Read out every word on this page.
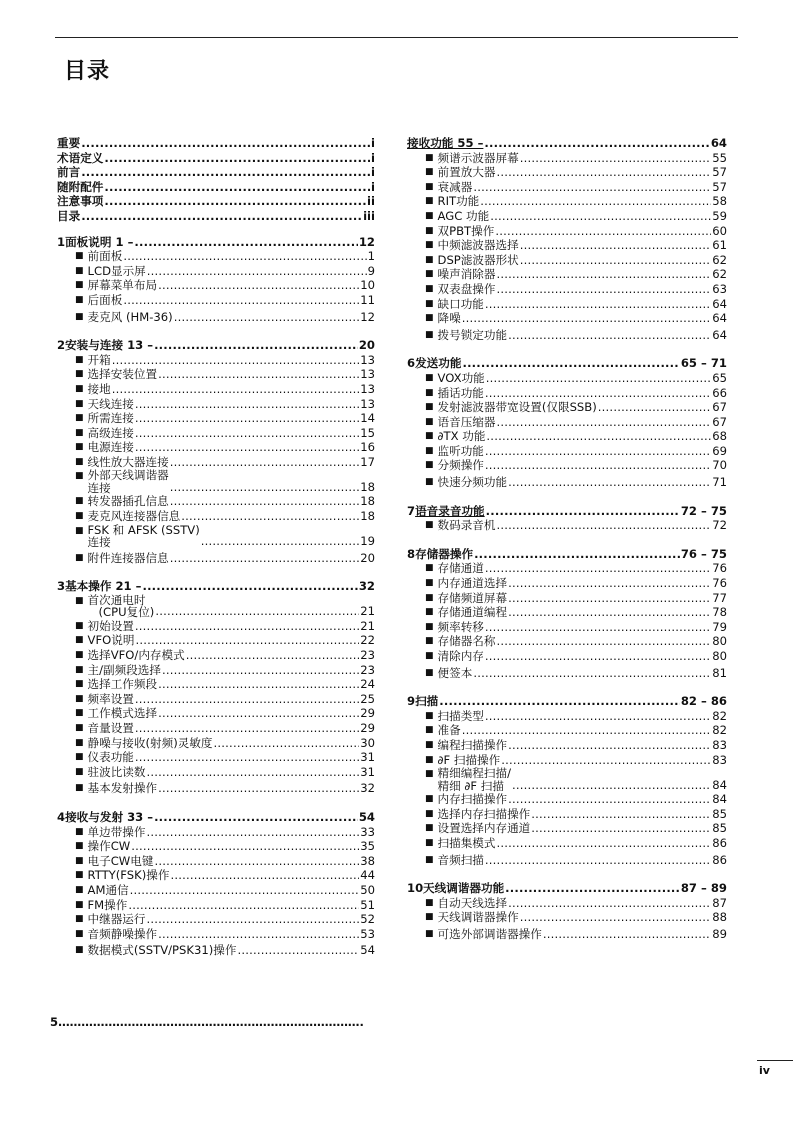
目录
重要 .....	i
术语定义 .....	i
前言 .....	i
随附配件 .....	i
注意事项 .....	ii
目录 .....	iii
1 面板说明 1 – .....	12
■ 前面板 .....	1
■ LCD显示屏 .....	9
■ 屏幕菜单布局 .....	10
■ 后面板 .....	11
■ 麦克风 (HM-36) .....	12
2 安装与连接 13 – .....	20
■ 开箱 .....	13
■ 选择安装位置 .....	13
■ 接地 .....	13
■ 天线连接 .....	13
■ 所需连接 .....	14
■ 高级连接 .....	15
■ 电源连接 .....	16
■ 线性放大器连接 .....	17
■ 外部天线调谐器
连接 .....	18
■ 转发器插孔信息 .....	18
■ 麦克风连接器信息 .....	18
■ FSK 和 AFSK (SSTV)
连接 .....	19
■ 附件连接器信息 .....	20
3 基本操作 21 – .....	32
■ 首次通电时
(CPU复位) .....	21
■ 初始设置 .....	21
■ VFO说明 .....	22
■ 选择VFO/内存模式 .....	23
■ 主/副频段选择 .....	23
■ 选择工作频段 .....	24
■ 频率设置 .....	25
■ 工作模式选择 .....	29
■ 音量设置 .....	29
■ 静噪与接收(射频)灵敏度 .....	30
■ 仪表功能 .....	31
■ 驻波比读数 .....	31
■ 基本发射操作 .....	32
4 接收与发射 33 – .....	54
■ 单边带操作 .....	33
■ 操作CW .....	35
■ 电子CW电键 .....	38
■ RTTY(FSK)操作 .....	44
■ AM通信 .....	50
■ FM操作 .....	51
■ 中继器运行 .....	52
■ 音频静噪操作 .....	53
■ 数据模式(SSTV/PSK31)操作 .....	54
5…………………………………………………………………….
接收功能 55 – .....	64
■ 频谱示波器屏幕 .....	55
■ 前置放大器 .....	57
■ 衰减器 .....	57
■ RIT功能 .....	58
■ AGC 功能 .....	59
■ 双PBT操作 .....	60
■ 中频滤波器选择 .....	61
■ DSP滤波器形状 .....	62
■ 噪声消除器 .....	62
■ 双表盘操作 .....	63
■ 缺口功能 .....	64
■ 降噪 .....	64
■ 拨号锁定功能 .....	64
6 发送功能 .....	65 – 71
■ VOX功能 .....	65
■ 插话功能 .....	66
■ 发射滤波器带宽设置(仅限SSB) .....	67
■ 语音压缩器 .....	67
■ ∂TX 功能 .....	68
■ 监听功能 .....	69
■ 分频操作 .....	70
■ 快速分频功能 .....	71
7 语音录音功能 .....	72 – 75
■ 数码录音机 .....	72
8 存储器操作 .....	76 – 75
■ 存储通道 .....	76
■ 内存通道选择 .....	76
■ 存储频道屏幕 .....	77
■ 存储通道编程 .....	78
■ 频率转移 .....	79
■ 存储器名称 .....	80
■ 清除内存 .....	80
■ 便签本 .....	81
9 扫描 .....	82 – 86
■ 扫描类型 .....	82
■ 准备 .....	82
■ 编程扫描操作 .....	83
■ ∂F 扫描操作 .....	83
■ 精细编程扫描/
精细 ∂F 扫描 .....	84
■ 内存扫描操作 .....	84
■ 选择内存扫描操作 .....	85
■ 设置选择内存通道 .....	85
■ 扫描集模式 .....	86
■ 音频扫描 .....	86
10 天线调谐器功能 .....	87 – 89
■ 自动天线选择 .....	87
■ 天线调谐器操作 .....	88
■ 可选外部调谐器操作 .....	89
iv
